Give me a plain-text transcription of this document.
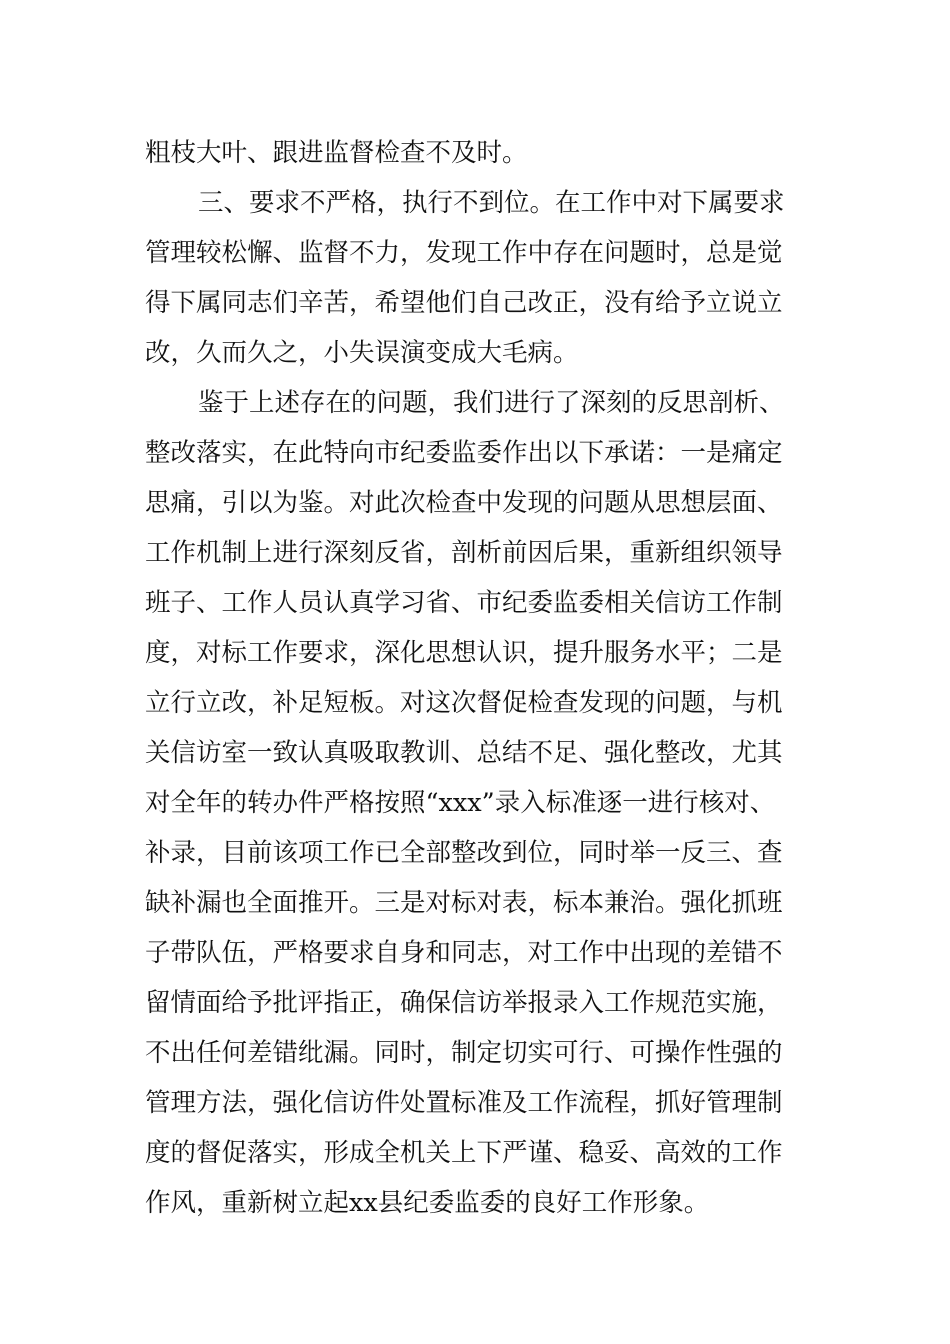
粗枝大叶、跟进监督检查不及时。
三、要求不严格，执行不到位。在工作中对下属要求
管理较松懈、监督不力，发现工作中存在问题时，总是觉
得下属同志们辛苦，希望他们自己改正，没有给予立说立
改，久而久之，小失误演变成大毛病。
鉴于上述存在的问题，我们进行了深刻的反思剖析、
整改落实，在此特向市纪委监委作出以下承诺：一是痛定
思痛，引以为鉴。对此次检查中发现的问题从思想层面、
工作机制上进行深刻反省，剖析前因后果，重新组织领导
班子、工作人员认真学习省、市纪委监委相关信访工作制
度，对标工作要求，深化思想认识，提升服务水平；二是
立行立改，补足短板。对这次督促检查发现的问题，与机
关信访室一致认真吸取教训、总结不足、强化整改，尤其
对全年的转办件严格按照“xxx”录入标准逐一进行核对、
补录，目前该项工作已全部整改到位，同时举一反三、查
缺补漏也全面推开。三是对标对表，标本兼治。强化抓班
子带队伍，严格要求自身和同志，对工作中出现的差错不
留情面给予批评指正，确保信访举报录入工作规范实施，
不出任何差错纰漏。同时，制定切实可行、可操作性强的
管理方法，强化信访件处置标准及工作流程，抓好管理制
度的督促落实，形成全机关上下严谨、稳妥、高效的工作
作风，重新树立起xx县纪委监委的良好工作形象。
